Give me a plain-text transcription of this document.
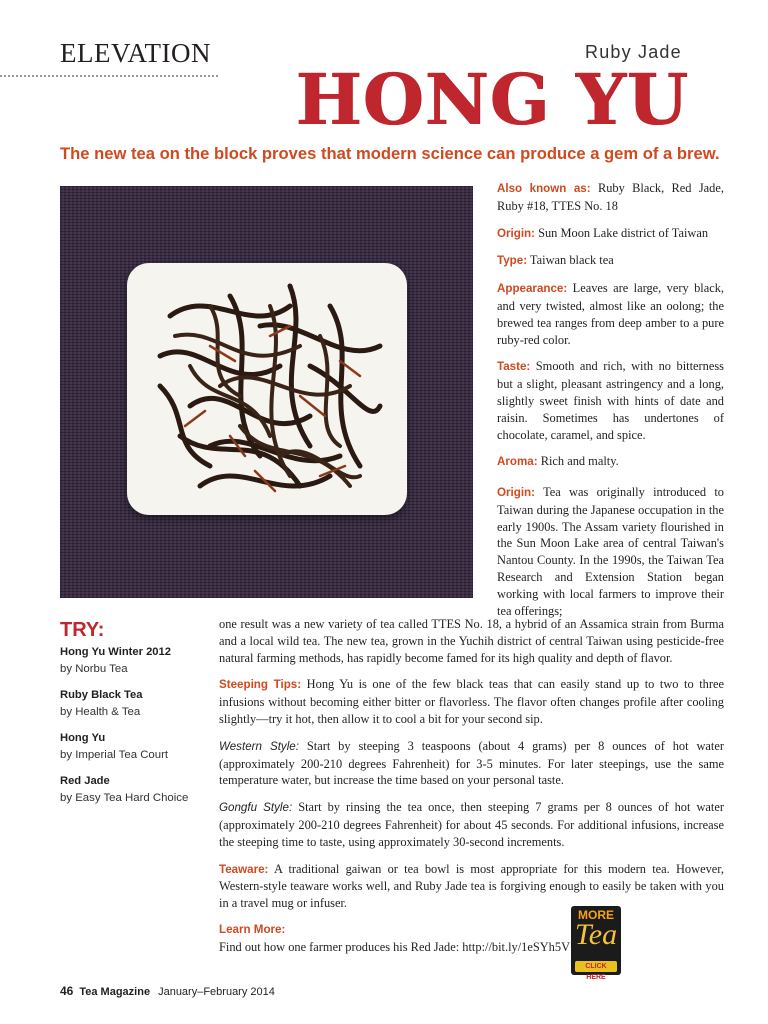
ELEVATION	Ruby Jade
HONG YU
The new tea on the block proves that modern science can produce a gem of a brew.
Also known as: Ruby Black, Red Jade, Ruby #18, TTES No. 18
Origin: Sun Moon Lake district of Taiwan
Type: Taiwan black tea
Appearance: Leaves are large, very black, and very twisted, almost like an oolong; the brewed tea ranges from deep amber to a pure ruby-red color.
Taste: Smooth and rich, with no bitterness but a slight, pleasant astringency and a long, slightly sweet finish with hints of date and raisin. Sometimes has undertones of chocolate, caramel, and spice.
Aroma: Rich and malty.
Origin: Tea was originally introduced to Taiwan during the Japanese occupation in the early 1900s. The Assam variety flourished in the Sun Moon Lake area of central Taiwan's Nantou County. In the 1990s, the Taiwan Tea Research and Extension Station began working with local farmers to improve their tea offerings;

one result was a new variety of tea called TTES No. 18, a hybrid of an Assamica strain from Burma and a local wild tea. The new tea, grown in the Yuchih district of central Taiwan using pesticide-free natural farming methods, has rapidly become famed for its high quality and depth of flavor.

Steeping Tips: Hong Yu is one of the few black teas that can easily stand up to two to three infusions without becoming either bitter or flavorless. The flavor often changes profile after cooling slightly—try it hot, then allow it to cool a bit for your second sip.

Western Style: Start by steeping 3 teaspoons (about 4 grams) per 8 ounces of hot water (approximately 200-210 degrees Fahrenheit) for 3-5 minutes. For later steepings, use the same temperature water, but increase the time based on your personal taste.

Gongfu Style: Start by rinsing the tea once, then steeping 7 grams per 8 ounces of hot water (approximately 200-210 degrees Fahrenheit) for about 45 seconds. For additional infusions, increase the steeping time to taste, using approximately 30-second increments.

Teaware: A traditional gaiwan or tea bowl is most appropriate for this modern tea. However, Western-style teaware works well, and Ruby Jade tea is forgiving enough to easily be taken with you in a travel mug or infuser.

Learn More:
Find out how one farmer produces his Red Jade: http://bit.ly/1eSYh5V
TRY:
Hong Yu Winter 2012
by Norbu Tea
Ruby Black Tea
by Health & Tea
Hong Yu
by Imperial Tea Court
Red Jade
by Easy Tea Hard Choice
MORE
Tea
CLICK HERE
46 Tea Magazine January–February 2014
